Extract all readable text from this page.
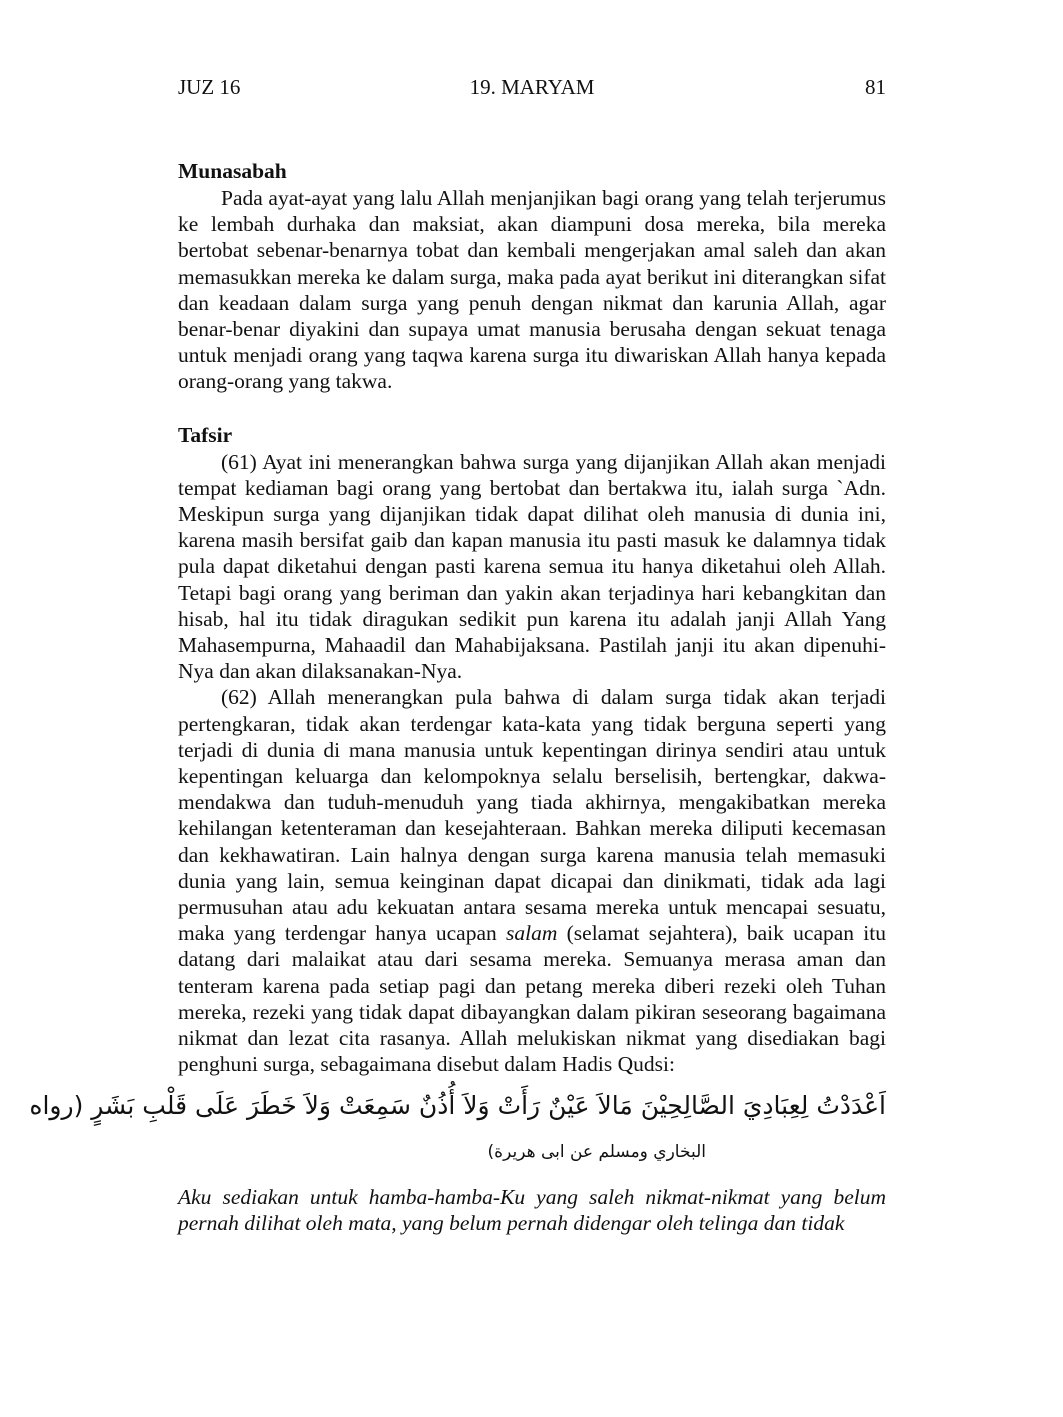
JUZ 16	19. MARYAM	81
Munasabah

Pada ayat-ayat yang lalu Allah menjanjikan bagi orang yang telah terjerumus ke lembah durhaka dan maksiat, akan diampuni dosa mereka, bila mereka bertobat sebenar-benarnya tobat dan kembali mengerjakan amal saleh dan akan memasukkan mereka ke dalam surga, maka pada ayat berikut ini diterangkan sifat dan keadaan dalam surga yang penuh dengan nikmat dan karunia Allah, agar benar-benar diyakini dan supaya umat manusia berusaha dengan sekuat tenaga untuk menjadi orang yang taqwa karena surga itu diwariskan Allah hanya kepada orang-orang yang takwa.

Tafsir

(61) Ayat ini menerangkan bahwa surga yang dijanjikan Allah akan menjadi tempat kediaman bagi orang yang bertobat dan bertakwa itu, ialah surga `Adn. Meskipun surga yang dijanjikan tidak dapat dilihat oleh manusia di dunia ini, karena masih bersifat gaib dan kapan manusia itu pasti masuk ke dalamnya tidak pula dapat diketahui dengan pasti karena semua itu hanya diketahui oleh Allah. Tetapi bagi orang yang beriman dan yakin akan terjadinya hari kebangkitan dan hisab, hal itu tidak diragukan sedikit pun karena itu adalah janji Allah Yang Mahasempurna, Mahaadil dan Mahabijaksana. Pastilah janji itu akan dipenuhi-Nya dan akan dilaksanakan-Nya.

(62) Allah menerangkan pula bahwa di dalam surga tidak akan terjadi pertengkaran, tidak akan terdengar kata-kata yang tidak berguna seperti yang terjadi di dunia di mana manusia untuk kepentingan dirinya sendiri atau untuk kepentingan keluarga dan kelompoknya selalu berselisih, bertengkar, dakwamendakwa dan tuduh-menuduh yang tiada akhirnya, mengakibatkan mereka kehilangan ketenteraman dan kesejahteraan. Bahkan mereka diliputi kecemasan dan kekhawatiran. Lain halnya dengan surga karena manusia telah memasuki dunia yang lain, semua keinginan dapat dicapai dan dinikmati, tidak ada lagi permusuhan atau adu kekuatan antara sesama mereka untuk mencapai sesuatu, maka yang terdengar hanya ucapan salam (selamat sejahtera), baik ucapan itu datang dari malaikat atau dari sesama mereka. Semuanya merasa aman dan tenteram karena pada setiap pagi dan petang mereka diberi rezeki oleh Tuhan mereka, rezeki yang tidak dapat dibayangkan dalam pikiran seseorang bagaimana nikmat dan lezat cita rasanya. Allah melukiskan nikmat yang disediakan bagi penghuni surga, sebagaimana disebut dalam Hadis Qudsi:

اَعْدَدْتُ لِعِبَادِيَ الصَّالِحِيْنَ مَالاَ عَيْنٌ رَأَتْ وَلاَ أُذُنٌ سَمِعَتْ وَلاَ خَطَرَ عَلَى قَلْبِ بَشَرٍ (رواه
البخاري ومسلم عن ابى هريرة)

Aku sediakan untuk hamba-hamba-Ku yang saleh nikmat-nikmat yang belum pernah dilihat oleh mata, yang belum pernah didengar oleh telinga dan tidak
